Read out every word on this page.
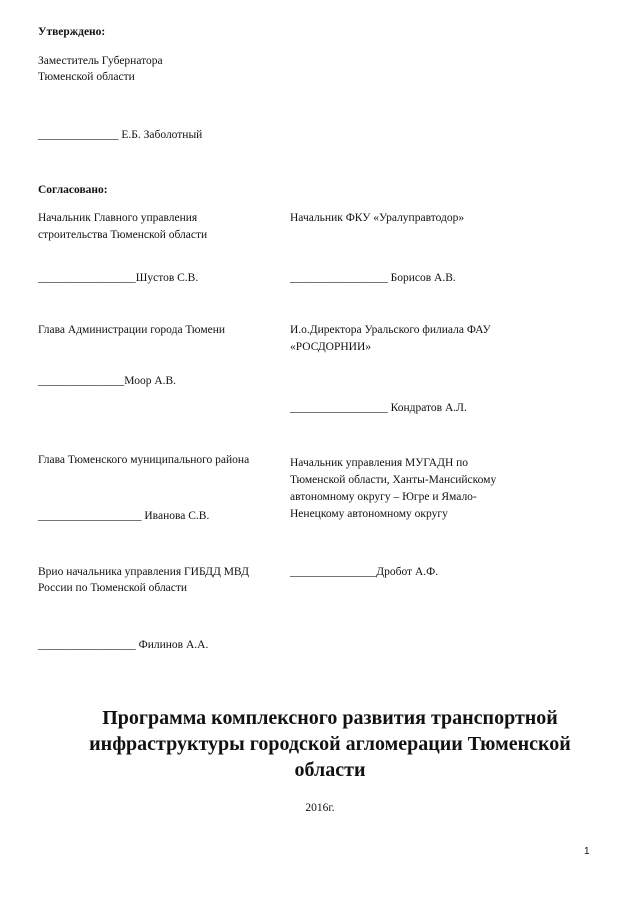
Утверждено:
Заместитель Губернатора
Тюменской области
______________ Е.Б. Заболотный
Согласовано:
Начальник Главного управления
строительства Тюменской области
_________________Шустов С.В.
Глава Администрации города Тюмени
_______________Моор А.В.
Глава Тюменского муниципального района
__________________ Иванова С.В.
Врио начальника управления ГИБДД МВД
России по Тюменской области
_________________ Филинов А.А.
Начальник ФКУ «Уралуправтодор»
_________________ Борисов А.В.
И.о.Директора Уральского филиала ФАУ
«РОСДОРНИИ»
_________________ Кондратов А.Л.
Начальник управления МУГАДН по
Тюменской области, Ханты-Мансийскому
автономному округу – Югре и Ямало-
Ненецкому автономному округу
_______________Дробот А.Ф.
Программа комплексного развития транспортной
инфраструктуры городской агломерации Тюменской
области
2016г.
1
